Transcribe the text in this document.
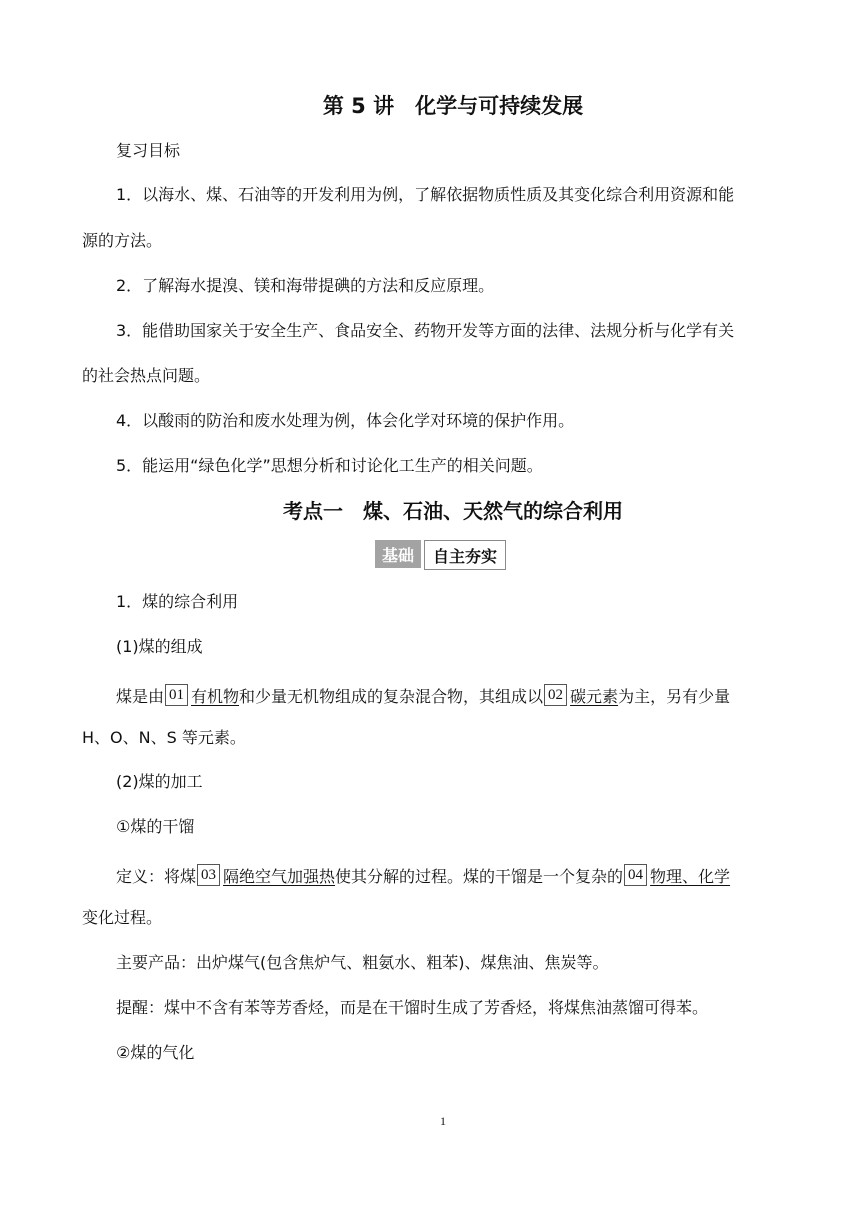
第 5 讲　化学与可持续发展
复习目标
1．以海水、煤、石油等的开发利用为例，了解依据物质性质及其变化综合利用资源和能
源的方法。
2．了解海水提溴、镁和海带提碘的方法和反应原理。
3．能借助国家关于安全生产、食品安全、药物开发等方面的法律、法规分析与化学有关
的社会热点问题。
4．以酸雨的防治和废水处理为例，体会化学对环境的保护作用。
5．能运用“绿色化学”思想分析和讨论化工生产的相关问题。
考点一　煤、石油、天然气的综合利用
基础	自主夯实
1．煤的综合利用
(1)煤的组成
煤是由 01 有机物和少量无机物组成的复杂混合物，其组成以 02 碳元素为主，另有少量
H、O、N、S 等元素。
(2)煤的加工
①煤的干馏
定义：将煤 03 隔绝空气加强热使其分解的过程。煤的干馏是一个复杂的 04 物理、化学
变化过程。
主要产品：出炉煤气(包含焦炉气、粗氨水、粗苯)、煤焦油、焦炭等。
提醒：煤中不含有苯等芳香烃，而是在干馏时生成了芳香烃，将煤焦油蒸馏可得苯。
②煤的气化
1
